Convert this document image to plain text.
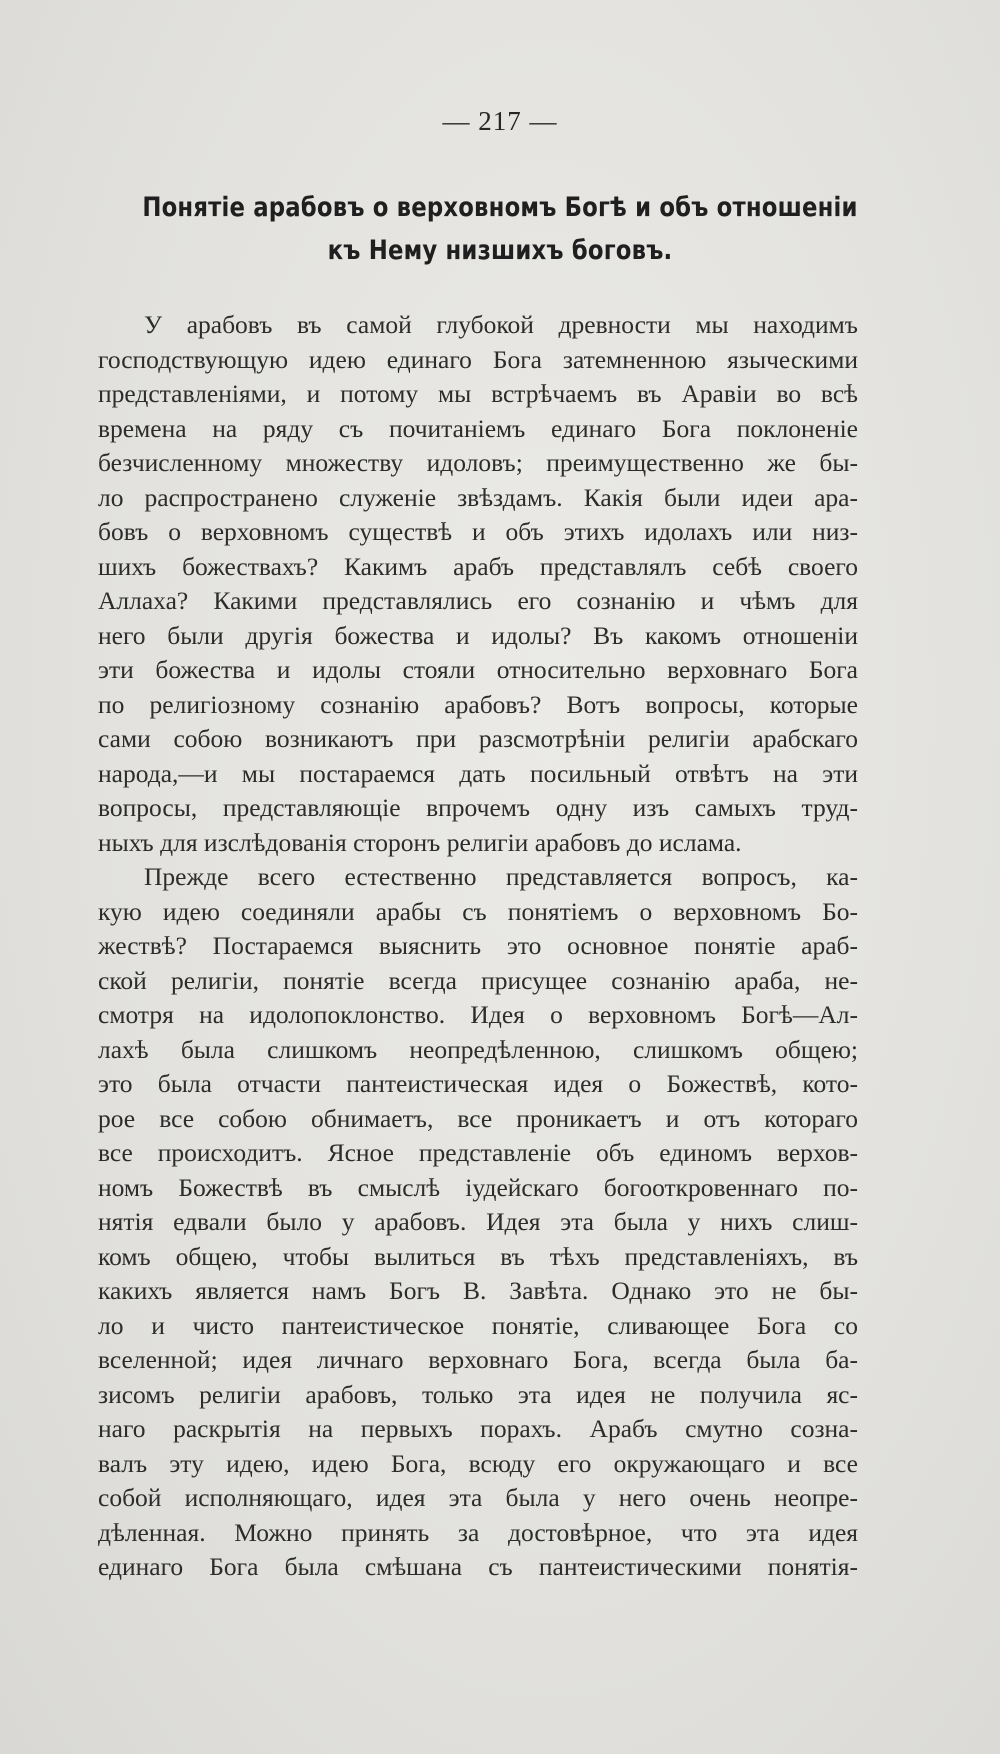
— 217 —
Понятіе арабовъ о верховномъ Богѣ и объ отношеніи
къ Нему низшихъ боговъ.
У арабовъ въ самой глубокой древности мы находимъ
господствующую идею единаго Бога затемненною языческими
представленіями, и потому мы встрѣчаемъ въ Аравіи во всѣ
времена на ряду съ почитаніемъ единаго Бога поклоненіе
безчисленному множеству идоловъ; преимущественно же бы-
ло распространено служеніе звѣздамъ. Какія были идеи ара-
бовъ о верховномъ существѣ и объ этихъ идолахъ или низ-
шихъ божествахъ? Какимъ арабъ представлялъ себѣ своего
Аллаха? Какими представлялись его сознанію и чѣмъ для
него были другія божества и идолы? Въ какомъ отношеніи
эти божества и идолы стояли относительно верховнаго Бога
по религіозному сознанію арабовъ? Вотъ вопросы, которые
сами собою возникаютъ при разсмотрѣніи религіи арабскаго
народа,—и мы постараемся дать посильный отвѣтъ на эти
вопросы, представляющіе впрочемъ одну изъ самыхъ труд-
ныхъ для изслѣдованія сторонъ религіи арабовъ до ислама.
Прежде всего естественно представляется вопросъ, ка-
кую идею соединяли арабы съ понятіемъ о верховномъ Бо-
жествѣ? Постараемся выяснить это основное понятіе араб-
ской религіи, понятіе всегда присущее сознанію араба, не-
смотря на идолопоклонство. Идея о верховномъ Богѣ—Ал-
лахѣ была слишкомъ неопредѣленною, слишкомъ общею;
это была отчасти пантеистическая идея о Божествѣ, кото-
рое все собою обнимаетъ, все проникаетъ и отъ котораго
все происходитъ. Ясное представленіе объ единомъ верхов-
номъ Божествѣ въ смыслѣ іудейскаго богооткровеннаго по-
нятія едвали было у арабовъ. Идея эта была у нихъ слиш-
комъ общею, чтобы вылиться въ тѣхъ представленіяхъ, въ
какихъ является намъ Богъ В. Завѣта. Однако это не бы-
ло и чисто пантеистическое понятіе, сливающее Бога со
вселенной; идея личнаго верховнаго Бога, всегда была ба-
зисомъ религіи арабовъ, только эта идея не получила яс-
наго раскрытія на первыхъ порахъ. Арабъ смутно созна-
валъ эту идею, идею Бога, всюду его окружающаго и все
собой исполняющаго, идея эта была у него очень неопре-
дѣленная. Можно принять за достовѣрное, что эта идея
единаго Бога была смѣшана съ пантеистическими понятія-
